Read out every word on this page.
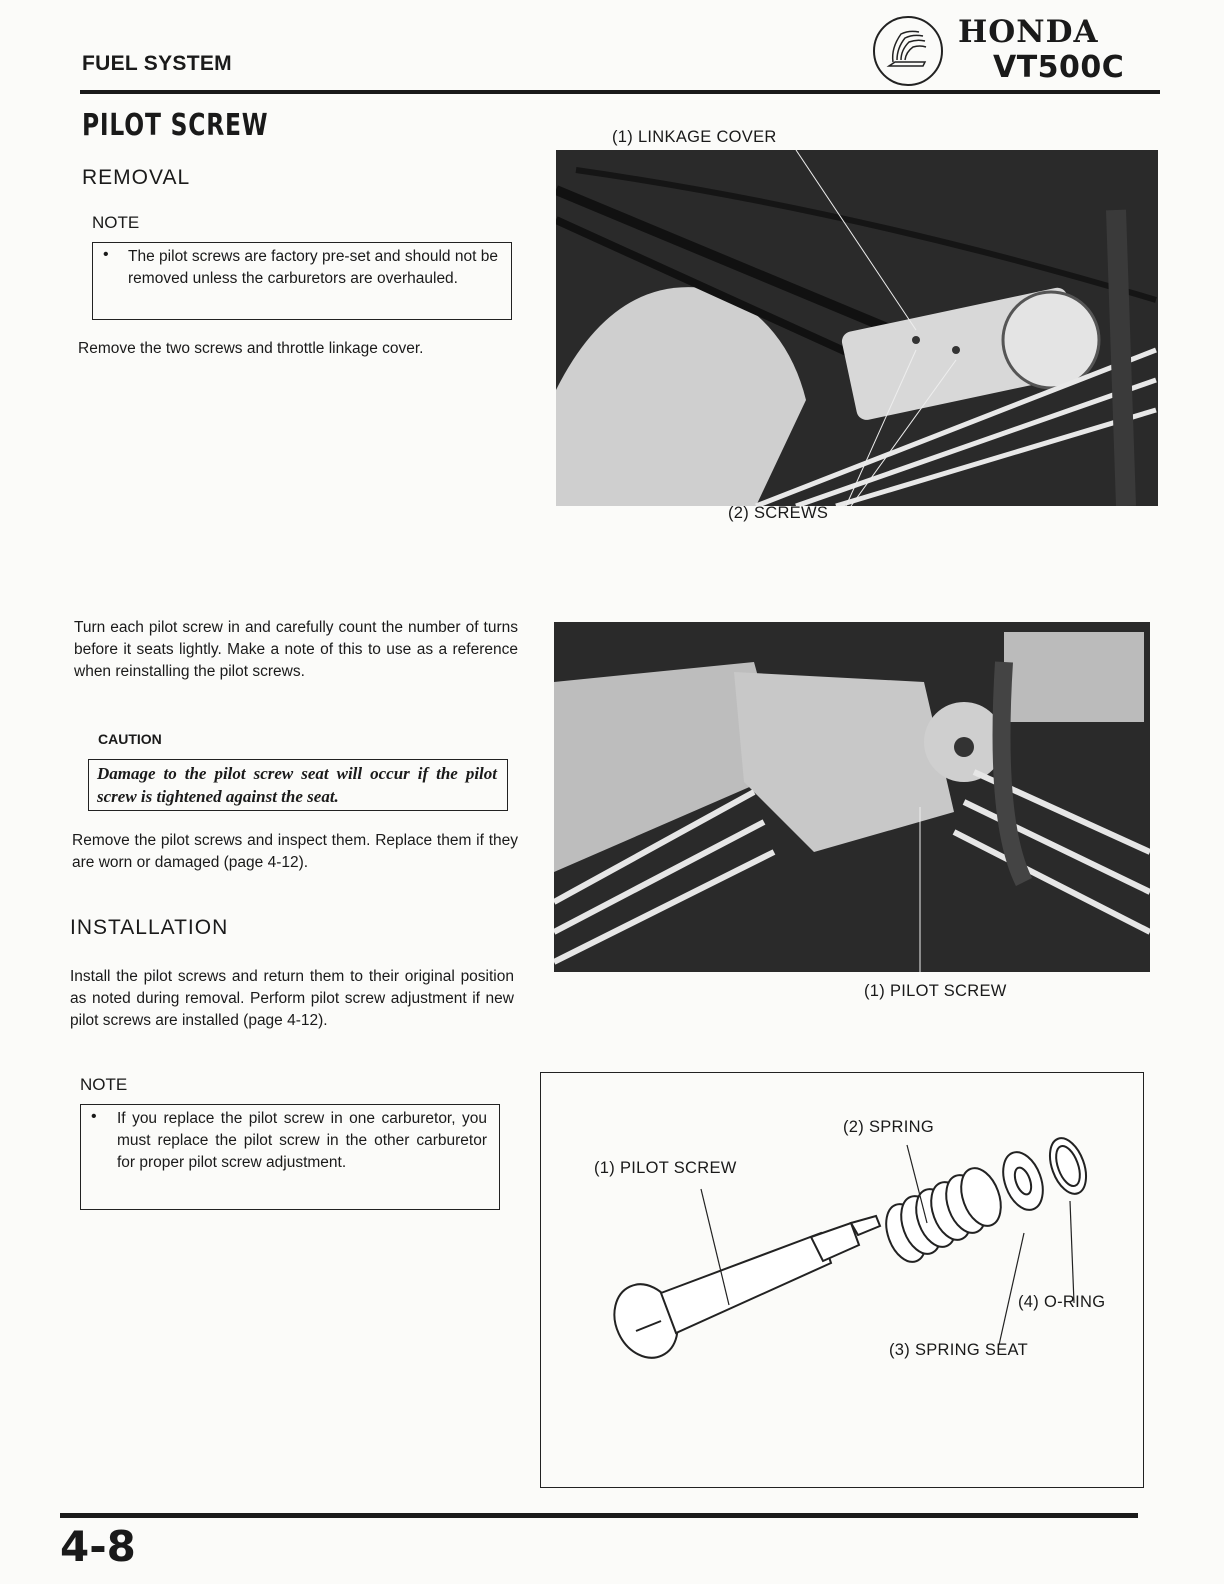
FUEL SYSTEM
HONDA
VT500C
PILOT SCREW
REMOVAL
NOTE
• The pilot screws are factory pre-set and should not be removed unless the carburetors are overhauled.
Remove the two screws and throttle linkage cover.
Turn each pilot screw in and carefully count the number of turns before it seats lightly. Make a note of this to use as a reference when reinstalling the pilot screws.
CAUTION
Damage to the pilot screw seat will occur if the pilot screw is tightened against the seat.
Remove the pilot screws and inspect them. Replace them if they are worn or damaged (page 4-12).
INSTALLATION
Install the pilot screws and return them to their original position as noted during removal. Perform pilot screw adjustment if new pilot screws are installed (page 4-12).
NOTE
• If you replace the pilot screw in one carburetor, you must replace the pilot screw in the other carburetor for proper pilot screw adjustment.
(1) LINKAGE COVER
(2) SCREWS
(1) PILOT SCREW
(1) PILOT SCREW
(2) SPRING
(3) SPRING SEAT
(4) O-RING
4-8
